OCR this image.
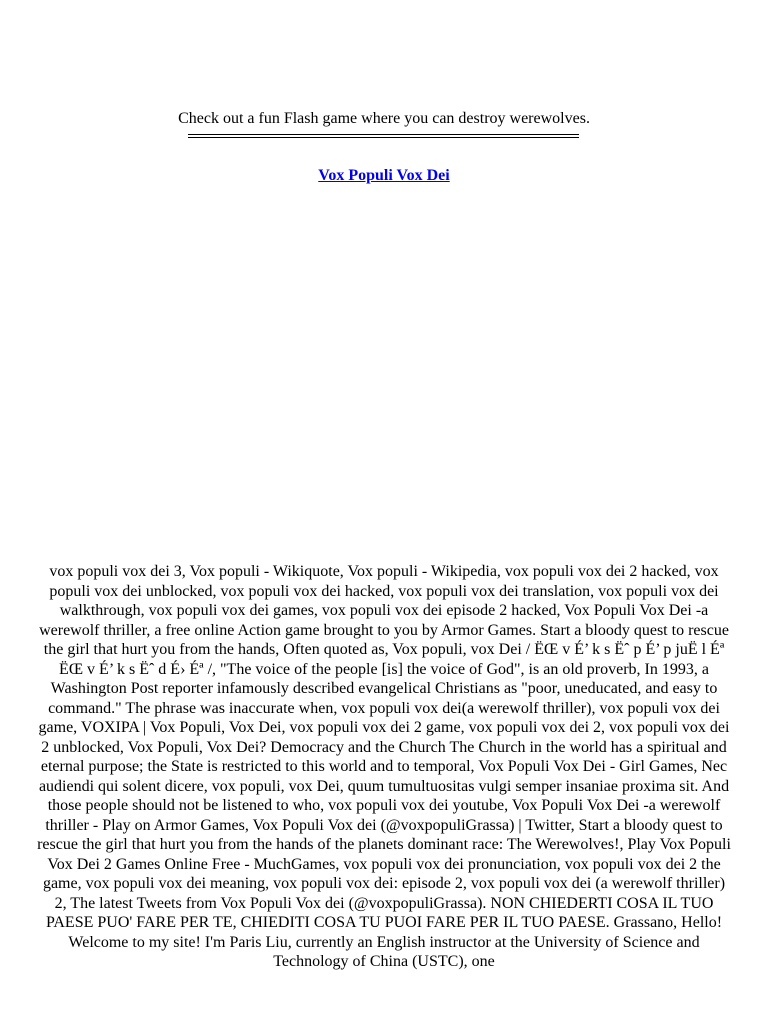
Check out a fun Flash game where you can destroy werewolves.
Vox Populi Vox Dei

vox populi vox dei 3, Vox populi - Wikiquote, Vox populi - Wikipedia, vox populi vox dei 2 hacked, vox populi vox dei unblocked, vox populi vox dei hacked, vox populi vox dei translation, vox populi vox dei walkthrough, vox populi vox dei games, vox populi vox dei episode 2 hacked, Vox Populi Vox Dei -a werewolf thriller, a free online Action game brought to you by Armor Games. Start a bloody quest to rescue the girl that hurt you from the hands, Often quoted as, Vox populi, vox Dei / ËŒ v É’ k s Ëˆ p É’ p juË l Éª ËŒ v É’ k s Ëˆ d É› Éª /, "The voice of the people [is] the voice of God", is an old proverb, In 1993, a Washington Post reporter infamously described evangelical Christians as "poor, uneducated, and easy to command." The phrase was inaccurate when, vox populi vox dei(a werewolf thriller), vox populi vox dei game, VOXIPA | Vox Populi, Vox Dei, vox populi vox dei 2 game, vox populi vox dei 2, vox populi vox dei 2 unblocked, Vox Populi, Vox Dei? Democracy and the Church The Church in the world has a spiritual and eternal purpose; the State is restricted to this world and to temporal, Vox Populi Vox Dei - Girl Games, Nec audiendi qui solent dicere, vox populi, vox Dei, quum tumultuositas vulgi semper insaniae proxima sit. And those people should not be listened to who, vox populi vox dei youtube, Vox Populi Vox Dei -a werewolf thriller - Play on Armor Games, Vox Populi Vox dei (@voxpopuliGrassa) | Twitter, Start a bloody quest to rescue the girl that hurt you from the hands of the planets dominant race: The Werewolves!, Play Vox Populi Vox Dei 2 Games Online Free - MuchGames, vox populi vox dei pronunciation, vox populi vox dei 2 the game, vox populi vox dei meaning, vox populi vox dei: episode 2, vox populi vox dei (a werewolf thriller) 2, The latest Tweets from Vox Populi Vox dei (@voxpopuliGrassa). NON CHIEDERTI COSA IL TUO PAESE PUO' FARE PER TE, CHIEDITI COSA TU PUOI FARE PER IL TUO PAESE. Grassano, Hello! Welcome to my site! I'm Paris Liu, currently an English instructor at the University of Science and Technology of China (USTC), one
